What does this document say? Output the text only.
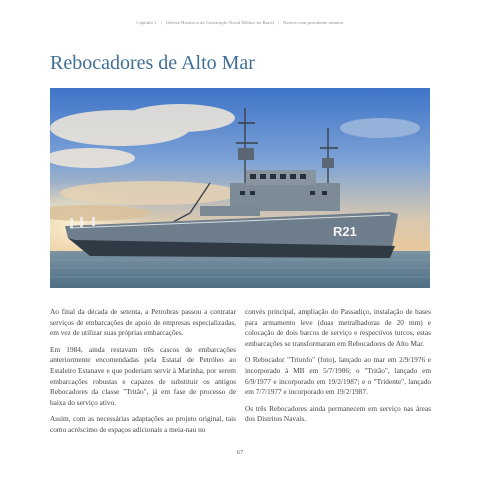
Capítulo 1 | Gênese Histórica da Construção Naval Militar no Brasil | Navios com presidente armeiro
Rebocadores de Alto Mar
R21

Ao final da década de setenta, a Petrobras passou a contratar serviços de embarcações de apoio de empresas especializadas, em vez de utilizar suas próprias embarcações.

Em 1984, ainda restavam três cascos de embarcações anteriormente encomendadas pela Estatal de Petróleo ao Estaleiro Estanave e que poderiam servir à Marinha, por serem embarcações robustas e capazes de substituir os antigos Rebocadores da classe "Tritão", já em fase de processo de baixa do serviço ativo.

Assim, com as necessárias adaptações ao projeto original, tais como acréscimo de espaços adicionais a meia-nau no

convés principal, ampliação do Passadiço, instalação de bases para armamento leve (duas metralhadoras de 20 mm) e colocação de dois barcos de serviço e respectivos turcos, estas embarcações se transformaram em Rebocadores de Alto Mar.

O Rebocador "Triunfo" (foto), lançado ao mar em 2/9/1976 e incorporado à MB em 5/7/1986; o "Tritão", lançado em 6/9/1977 e incorporado em 19/2/1987; e o "Tridente", lançado em 7/7/1977 e incorporado em 19/2/1987.

Os três Rebocadores ainda permanecem em serviço nas áreas dos Distritos Navais.

67
